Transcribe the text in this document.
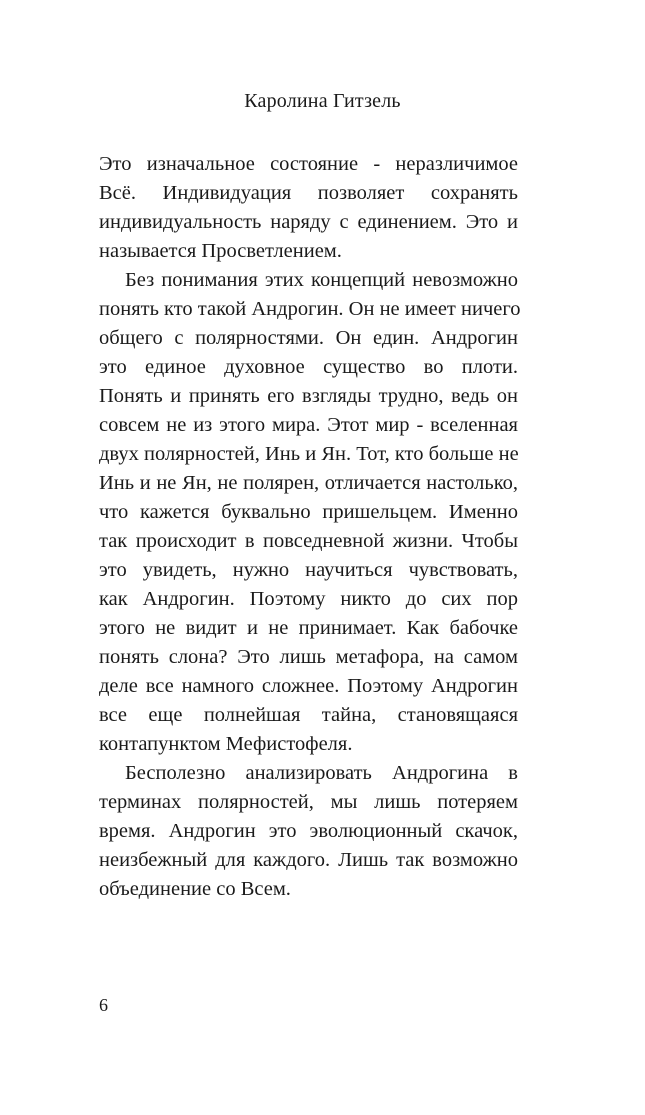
Каролина Гитзель
Это изначальное состояние - неразличимое
Всё. Индивидуация позволяет сохранять
индивидуальность наряду с единением. Это и
называется Просветлением.
Без понимания этих концепций невозможно
понять кто такой Андрогин. Он не имеет ничего
общего с полярностями. Он един. Андрогин
это единое духовное существо во плоти.
Понять и принять его взгляды трудно, ведь он
совсем не из этого мира. Этот мир - вселенная
двух полярностей, Инь и Ян. Тот, кто больше не
Инь и не Ян, не полярен, отличается настолько,
что кажется буквально пришельцем. Именно
так происходит в повседневной жизни. Чтобы
это увидеть, нужно научиться чувствовать,
как Андрогин. Поэтому никто до сих пор
этого не видит и не принимает. Как бабочке
понять слона? Это лишь метафора, на самом
деле все намного сложнее. Поэтому Андрогин
все еще полнейшая тайна, становящаяся
контапунктом Мефистофеля.
Бесполезно анализировать Андрогина в
терминах полярностей, мы лишь потеряем
время. Андрогин это эволюционный скачок,
неизбежный для каждого. Лишь так возможно
объединение со Всем.
6
